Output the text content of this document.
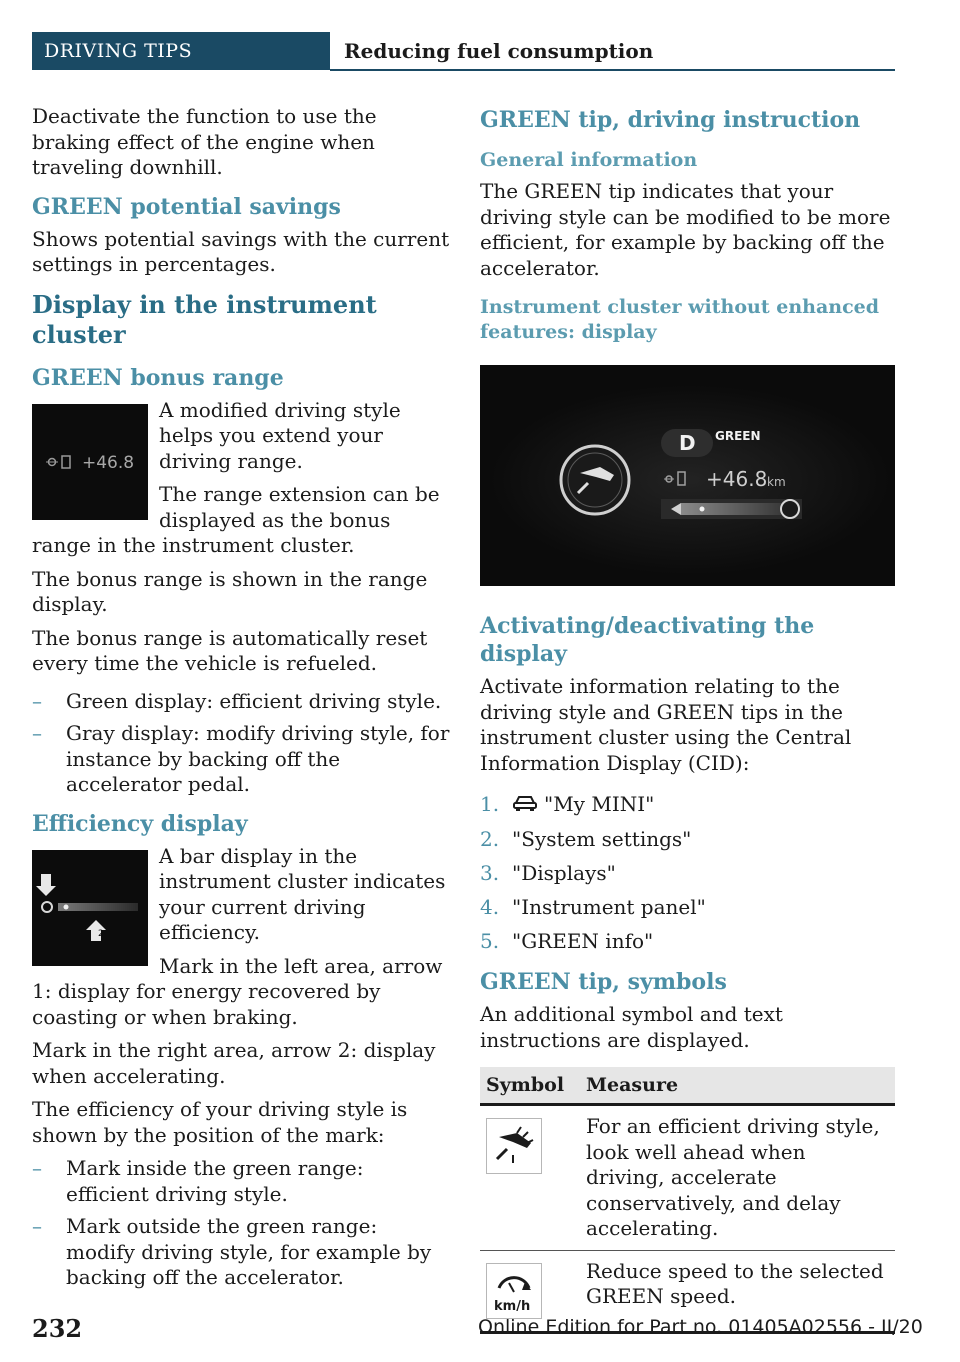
DRIVING TIPS	Reducing fuel consumption

Deactivate the function to use the braking effect of the engine when traveling downhill.

GREEN potential savings

Shows potential savings with the current settings in percentages.

Display in the instrument cluster
GREEN bonus range
+46.8

A modified driving style helps you extend your driving range.

The range extension can be displayed as the bonus range in the instrument cluster.

The bonus range is shown in the range display.

The bonus range is automatically reset every time the vehicle is refueled.

– Green display: efficient driving style.
– Gray display: modify driving style, for instance by backing off the accelerator pedal.
Efficiency display
1
2

A bar display in the instrument cluster indicates your current driving efficiency.

Mark in the left area, arrow 1: display for energy recovered by coasting or when braking.

Mark in the right area, arrow 2: display when accelerating.

The efficiency of your driving style is shown by the position of the mark:

– Mark inside the green range: efficient driving style.
– Mark outside the green range: modify driving style, for example by backing off the accelerator.
GREEN tip, driving instruction
General information

The GREEN tip indicates that your driving style can be modified to be more efficient, for example by backing off the accelerator.

Instrument cluster without enhanced features: display
D GREEN
+46.8 km
Activating/deactivating the display

Activate information relating to the driving style and GREEN tips in the instrument cluster using the Central Information Display (CID):

1. "My MINI"
2. "System settings"
3. "Displays"
4. "Instrument panel"
5. "GREEN info"
GREEN tip, symbols

An additional symbol and text instructions are displayed.

Symbol	Measure

	For an efficient driving style, look well ahead when driving, accelerate conservatively, and delay accelerating.

km/h	Reduce speed to the selected GREEN speed.
232	Online Edition for Part no. 01405A02556 - II/20
